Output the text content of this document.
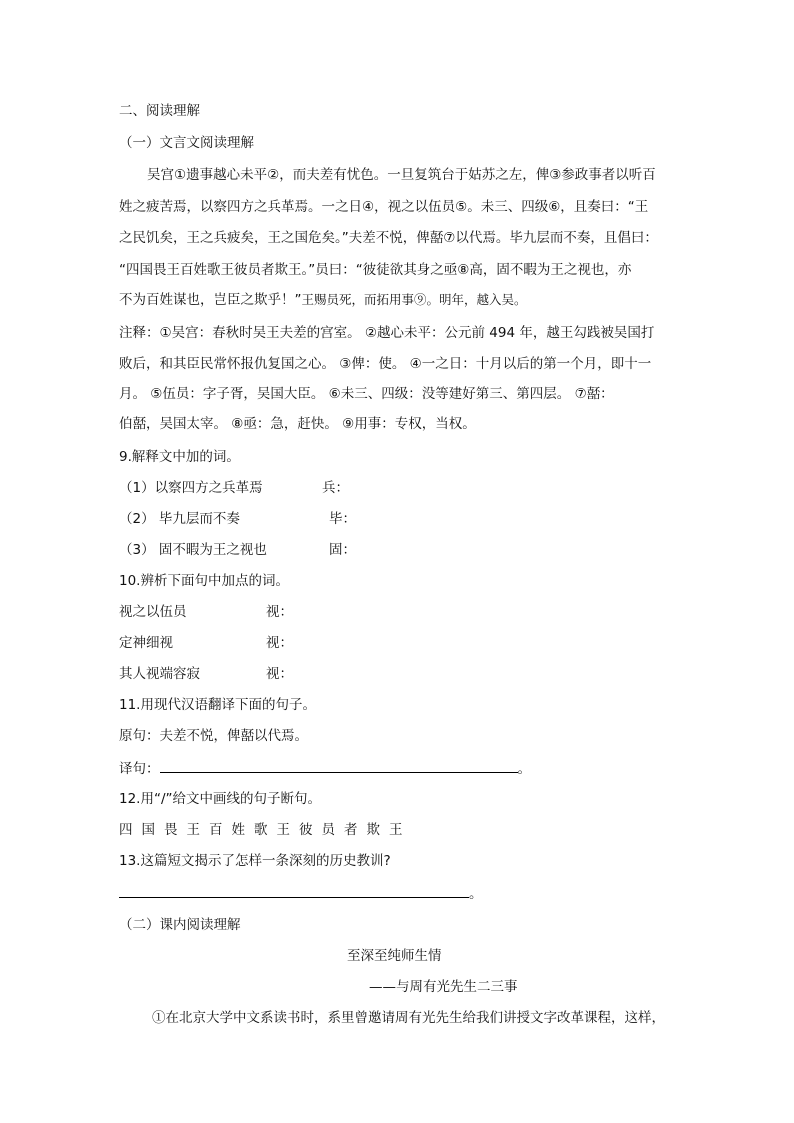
二、阅读理解
（一）文言文阅读理解
吴宫①遗事越心未平②，而夫差有忧色。一旦复筑台于姑苏之左，俾③参政事者以听百
姓之疲苦焉，以察四方之兵革焉。一之日④，视之以伍员⑤。未三、四级⑥，且奏曰：“王
之民饥矣，王之兵疲矣，王之国危矣。”夫差不悦，俾嚭⑦以代焉。毕九层而不奏，且倡曰：
“四国畏王百姓歌王彼员者欺王。”员曰：“彼徒欲其身之亟⑧高，固不暇为王之视也，亦
不为百姓谋也，岂臣之欺乎！”王赐员死，而拓用事⑨。明年，越入吴。
注释：①吴宫：春秋时吴王夫差的宫室。 ②越心未平：公元前 494 年，越王勾践被吴国打
败后，和其臣民常怀报仇复国之心。 ③俾：使。 ④一之日：十月以后的第一个月，即十一
月。 ⑤伍员：字子胥，吴国大臣。 ⑥未三、四级：没等建好第三、第四层。 ⑦嚭：
伯嚭，吴国太宰。 ⑧亟：急，赶快。 ⑨用事：专权，当权。
9.解释文中加的词。
（1）以察四方之兵革焉	兵：
（2） 毕九层而不奏	毕：
（3） 固不暇为王之视也	固：
10.辨析下面句中加点的词。
视之以伍员	视：
定神细视	视：
其人视端容寂	视：
11.用现代汉语翻译下面的句子。
原句：夫差不悦，俾嚭以代焉。
译句：	。
12.用“/”给文中画线的句子断句。
四国畏王百姓歌王彼员者欺王
13.这篇短文揭示了怎样一条深刻的历史教训?
。
（二）课内阅读理解
至深至纯师生情
——与周有光先生二三事
①在北京大学中文系读书时，系里曾邀请周有光先生给我们讲授文字改革课程，这样，
